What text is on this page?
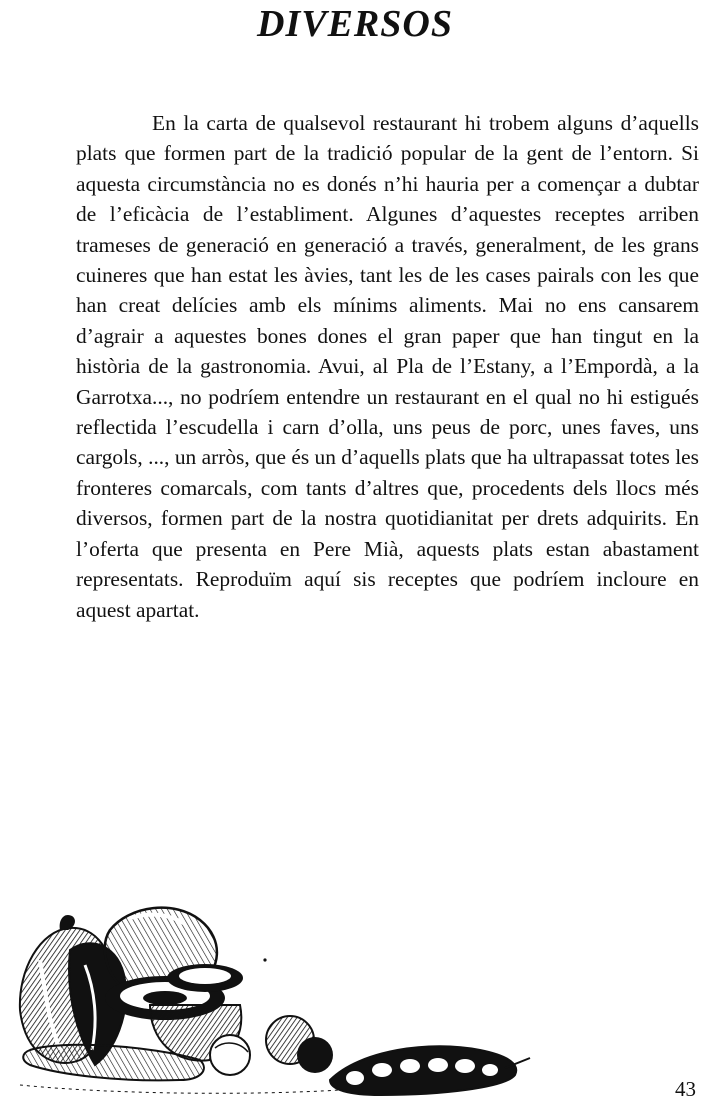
DIVERSOS

En la carta de qualsevol restaurant hi trobem alguns d’aquells plats que formen part de la tradició popular de la gent de l’entorn. Si aquesta circumstància no es donés n’hi hauria per a començar a dubtar de l’eficàcia de l’establiment. Algunes d’aquestes receptes arriben trameses de generació en generació a través, generalment, de les grans cuineres que han estat les àvies, tant les de les cases pairals con les que han creat delícies amb els mínims aliments. Mai no ens cansarem d’agrair a aquestes bones dones el gran paper que han tingut en la història de la gastronomia. Avui, al Pla de l’Estany, a l’Empordà, a la Garrotxa..., no podríem entendre un restaurant en el qual no hi estigués reflectida l’escudella i carn d’olla, uns peus de porc, unes faves, uns cargols, ..., un arròs, que és un d’aquells plats que ha ultrapassat totes les fronteres comarcals, com tants d’altres que, procedents dels llocs més diversos, formen part de la nostra quotidianitat per drets adquirits. En l’oferta que presenta en Pere Mià, aquests plats estan abastament representats. Reproduïm aquí sis receptes que podríem incloure en aquest apartat.

43
